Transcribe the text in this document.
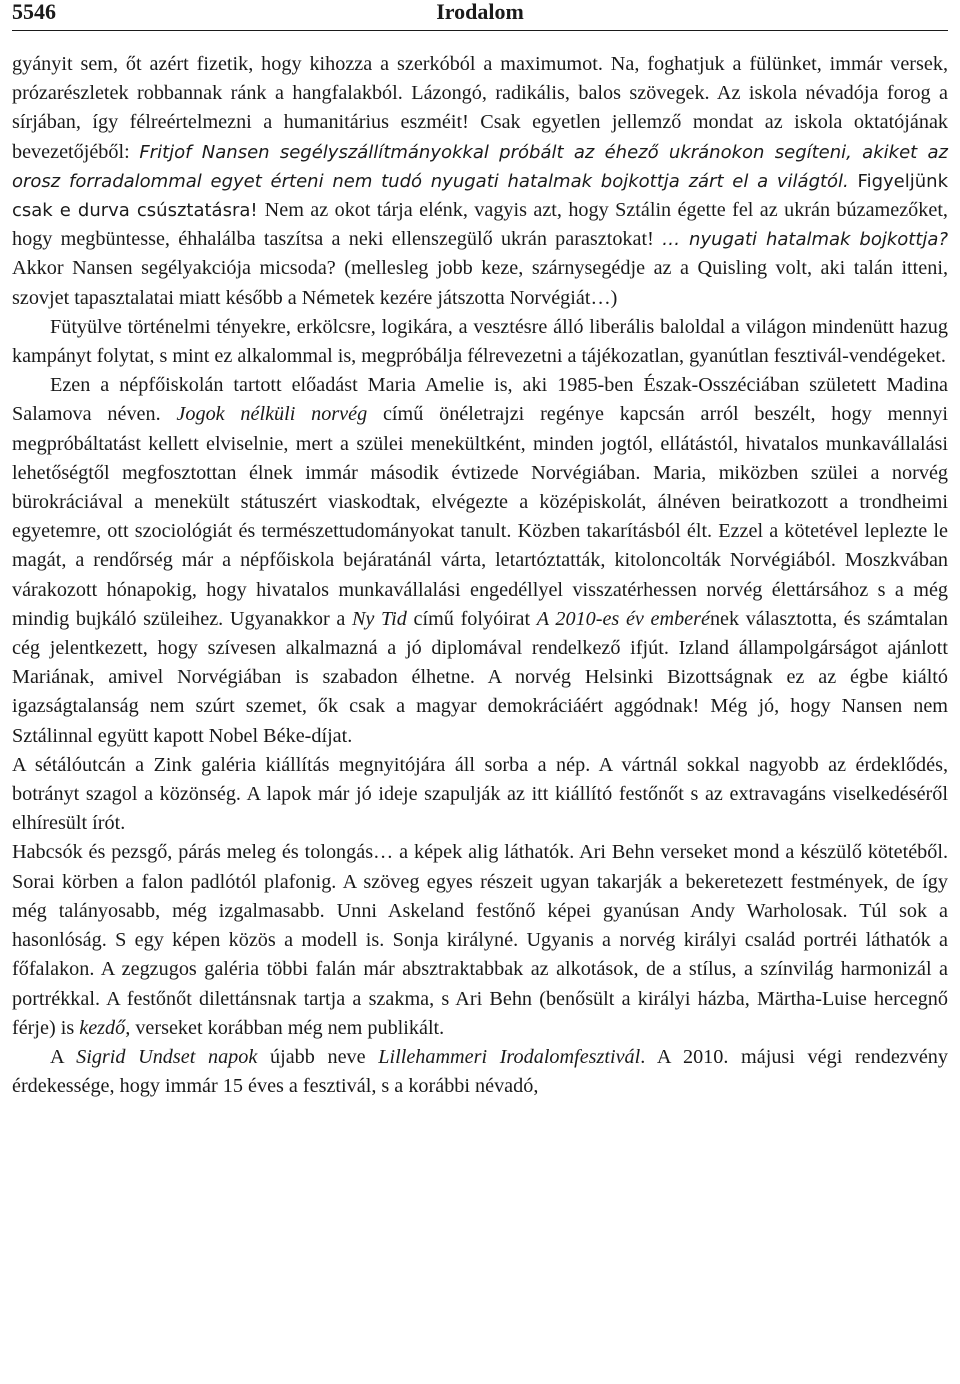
5546	Irodalom

gyányit sem, őt azért fizetik, hogy kihozza a szerkóból a maximumot. Na, foghatjuk a fülünket, immár versek, prózarészletek robbannak ránk a hangfalakból. Lázongó, radikális, balos szövegek. Az iskola névadója forog a sírjában, így félreértelmezni a humanitárius eszméit! Csak egyetlen jellemző mondat az iskola oktatójának bevezetőjéből: Fritjof Nansen segélyszállítmányokkal próbált az éhező ukránokon segíteni, akiket az orosz forradalommal egyet érteni nem tudó nyugati hatalmak bojkottja zárt el a világtól. Figyeljünk csak e durva csúsztatásra! Nem az okot tárja elénk, vagyis azt, hogy Sztálin égette fel az ukrán búzamezőket, hogy megbüntesse, éhhalálba taszítsa a neki ellenszegülő ukrán parasztokat! … nyugati hatalmak bojkottja? Akkor Nansen segélyakciója micsoda? (mellesleg jobb keze, szárnysegédje az a Quisling volt, aki talán itteni, szovjet tapasztalatai miatt később a Németek kezére játszotta Norvégiát…)

Fütyülve történelmi tényekre, erkölcsre, logikára, a vesztésre álló liberális baloldal a világon mindenütt hazug kampányt folytat, s mint ez alkalommal is, megpróbálja félrevezetni a tájékozatlan, gyanútlan fesztivál-vendégeket.

Ezen a népfőiskolán tartott előadást Maria Amelie is, aki 1985-ben Észak-Osszéciában született Madina Salamova néven. Jogok nélküli norvég című önéletrajzi regénye kapcsán arról beszélt, hogy mennyi megpróbáltatást kellett elviselnie, mert a szülei menekültként, minden jogtól, ellátástól, hivatalos munkavállalási lehetőségtől megfosztottan élnek immár második évtizede Norvégiában. Maria, miközben szülei a norvég bürokráciával a menekült státuszért viaskodtak, elvégezte a középiskolát, álnéven beiratkozott a trondheimi egyetemre, ott szociológiát és természettudományokat tanult. Közben takarításból élt. Ezzel a kötetével leplezte le magát, a rendőrség már a népfőiskola bejáratánál várta, letartóztatták, kitoloncolták Norvégiából. Moszkvában várakozott hónapokig, hogy hivatalos munkavállalási engedéllyel visszatérhessen norvég élettársához s a még mindig bujkáló szüleihez. Ugyanakkor a Ny Tid című folyóirat A 2010-es év emberének választotta, és számtalan cég jelentkezett, hogy szívesen alkalmazná a jó diplomával rendelkező ifjút. Izland állampolgárságot ajánlott Mariának, amivel Norvégiában is szabadon élhetne. A norvég Helsinki Bizottságnak ez az égbe kiáltó igazságtalanság nem szúrt szemet, ők csak a magyar demokráciáért aggódnak! Még jó, hogy Nansen nem Sztálinnal együtt kapott Nobel Béke-díjat.

A sétálóutcán a Zink galéria kiállítás megnyitójára áll sorba a nép. A vártnál sokkal nagyobb az érdeklődés, botrányt szagol a közönség. A lapok már jó ideje szapulják az itt kiállító festőnőt s az extravagáns viselkedéséről elhíresült írót.

Habcsók és pezsgő, párás meleg és tolongás… a képek alig láthatók. Ari Behn verseket mond a készülő kötetéből. Sorai körben a falon padlótól plafonig. A szöveg egyes részeit ugyan takarják a bekeretezett festmények, de így még talányosabb, még izgalmasabb. Unni Askeland festőnő képei gyanúsan Andy Warholosak. Túl sok a hasonlóság. S egy képen közös a modell is. Sonja királyné. Ugyanis a norvég királyi család portréi láthatók a főfalakon. A zegzugos galéria többi falán már absztraktabbak az alkotások, de a stílus, a színvilág harmonizál a portrékkal. A festőnőt dilettánsnak tartja a szakma, s Ari Behn (benősült a királyi házba, Märtha-Luise hercegnő férje) is kezdő, verseket korábban még nem publikált.

A Sigrid Undset napok újabb neve Lillehammeri Irodalomfesztivál. A 2010. májusi végi rendezvény érdekessége, hogy immár 15 éves a fesztivál, s a korábbi névadó,
